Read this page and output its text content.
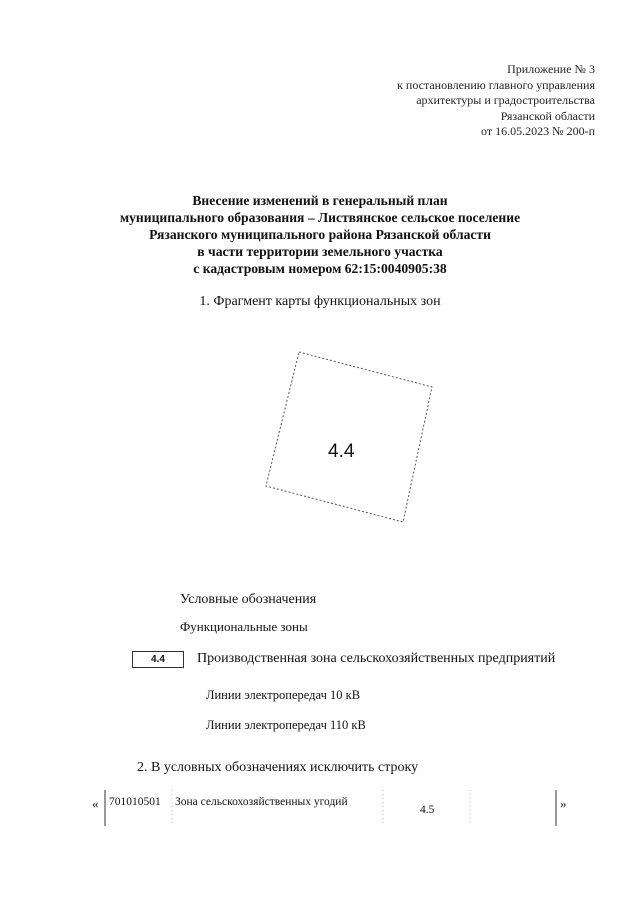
Приложение № 3
к постановлению главного управления
архитектуры и градостроительства
Рязанской области
от 16.05.2023 № 200-п
Внесение изменений в генеральный план
муниципального образования – Листвянское сельское поселение
Рязанского муниципального района Рязанской области
в части территории земельного участка
с кадастровым номером 62:15:0040905:38
1. Фрагмент карты функциональных зон
4.4
Условные обозначения
Функциональные зоны
4.4	Производственная зона сельскохозяйственных предприятий
Линии электропередач 10 кВ
Линии электропередач 110 кВ
2. В условных обозначениях исключить строку
« 701010501 Зона сельскохозяйственных угодий
4.5	»
